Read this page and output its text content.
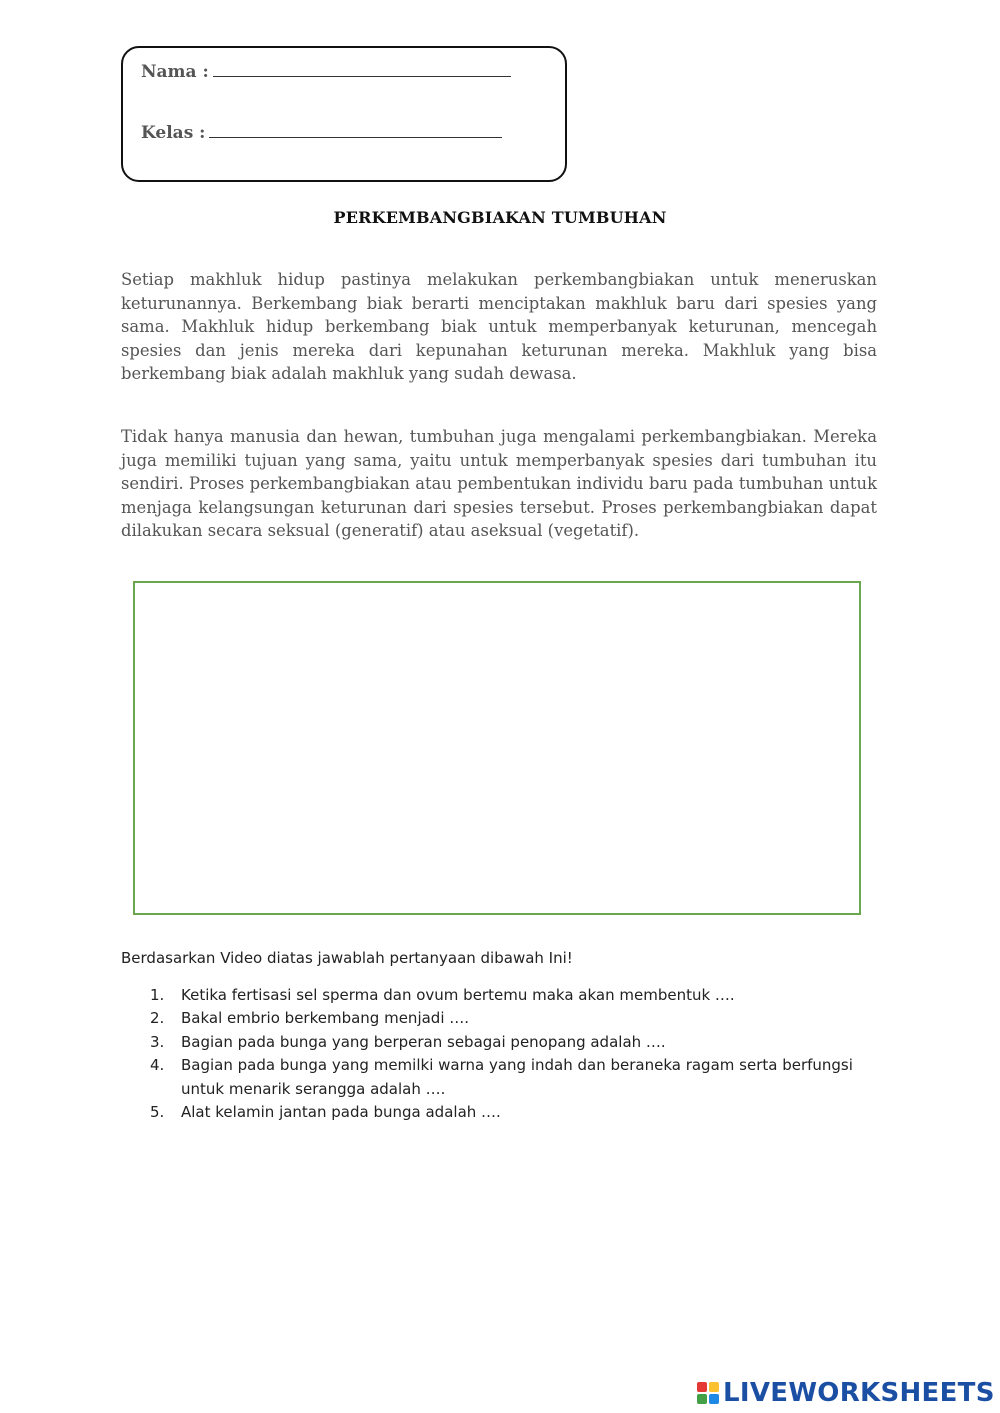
Nama :
Kelas :
PERKEMBANGBIAKAN TUMBUHAN

Setiap makhluk hidup pastinya melakukan perkembangbiakan untuk meneruskan keturunannya. Berkembang biak berarti menciptakan makhluk baru dari spesies yang sama. Makhluk hidup berkembang biak untuk memperbanyak keturunan, mencegah spesies dan jenis mereka dari kepunahan keturunan mereka. Makhluk yang bisa berkembang biak adalah makhluk yang sudah dewasa.

Tidak hanya manusia dan hewan, tumbuhan juga mengalami perkembangbiakan. Mereka juga memiliki tujuan yang sama, yaitu untuk memperbanyak spesies dari tumbuhan itu sendiri. Proses perkembangbiakan atau pembentukan individu baru pada tumbuhan untuk menjaga kelangsungan keturunan dari spesies tersebut. Proses perkembangbiakan dapat dilakukan secara seksual (generatif) atau aseksual (vegetatif).

Berdasarkan Video diatas jawablah pertanyaan dibawah Ini!
1.	Ketika fertisasi sel sperma dan ovum bertemu maka akan membentuk ….
2.	Bakal embrio berkembang menjadi ….
3.	Bagian pada bunga yang berperan sebagai penopang adalah ….
4.	Bagian pada bunga yang memilki warna yang indah dan beraneka ragam serta berfungsi untuk menarik serangga adalah ….
5.	Alat kelamin jantan pada bunga adalah ….
LIVEWORKSHEETS
